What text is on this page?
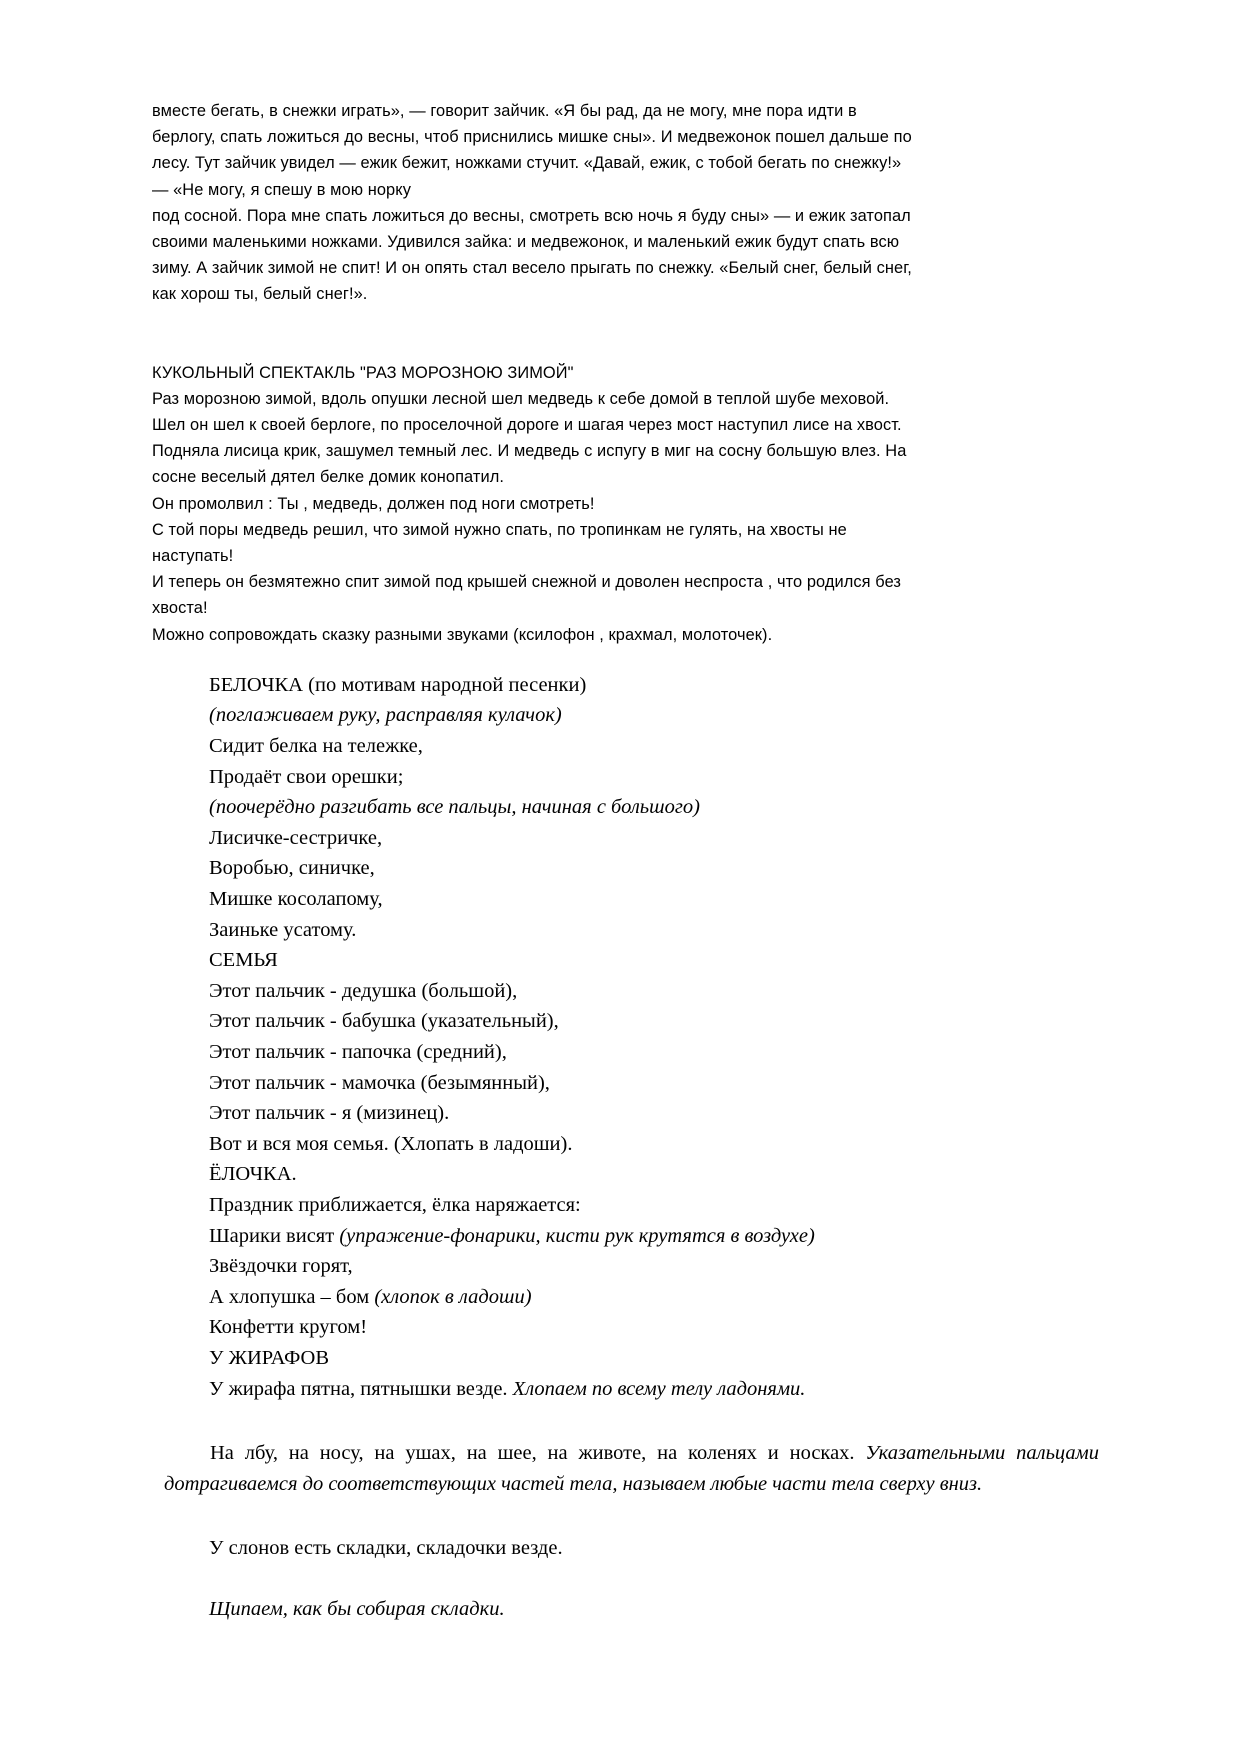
вместе бегать, в снежки играть», — говорит зайчик. «Я бы рад, да не могу, мне пора идти в

берлогу, спать ложиться до весны, чтоб приснились мишке сны». И медвежонок пошел дальше по

лесу. Тут зайчик увидел — ежик бежит, ножками стучит. «Давай, ежик, с тобой бегать по снежку!»

— «Не могу, я спешу в мою норку

под сосной. Пора мне спать ложиться до весны, смотреть всю ночь я буду сны» — и ежик затопал

своими маленькими ножками. Удивился зайка: и медвежонок, и маленький ежик будут спать всю

зиму. А зайчик зимой не спит! И он опять стал весело прыгать по снежку. «Белый снег, белый снег,

как хорош ты, белый снег!».

КУКОЛЬНЫЙ СПЕКТАКЛЬ "РАЗ МОРОЗНОЮ ЗИМОЙ"

Раз морозною зимой, вдоль опушки лесной шел медведь к себе домой в теплой шубе меховой.

Шел он шел к своей берлоге, по проселочной дороге и шагая через мост наступил лисе на хвост.

Подняла лисица крик, зашумел темный лес. И медведь с испугу в миг на сосну большую влез. На

сосне веселый дятел белке домик конопатил.

Он промолвил : Ты , медведь, должен под ноги смотреть!

С той поры медведь решил, что зимой нужно спать, по тропинкам не гулять, на хвосты не

наступать!

И теперь он безмятежно спит зимой под крышей снежной и доволен неспроста , что родился без

хвоста!

Можно сопровождать сказку разными звуками (ксилофон , крахмал, молоточек).

БЕЛОЧКА (по мотивам народной песенки)
(поглаживаем руку, расправляя кулачок)
Сидит белка на тележке,
Продаёт свои орешки;
(поочерёдно разгибать все пальцы, начиная с большого)
Лисичке-сестричке,
Воробью, синичке,
Мишке косолапому,
Заиньке усатому.
СЕМЬЯ
Этот пальчик - дедушка (большой),
Этот пальчик - бабушка (указательный),
Этот пальчик - папочка (средний),
Этот пальчик - мамочка (безымянный),
Этот пальчик - я (мизинец).
Вот и вся моя семья. (Хлопать в ладоши).
ЁЛОЧКА.
Праздник приближается, ёлка наряжается:
Шарики висят (упражение-фонарики, кисти рук крутятся в воздухе)
Звёздочки горят,
А хлопушка – бом (хлопок в ладоши)
Конфетти кругом!
У ЖИРАФОВ
У жирафа пятна, пятнышки везде. Хлопаем по всему телу ладонями.
На лбу, на носу, на ушах, на шее, на животе, на коленях и носках. Указательными пальцами дотрагиваемся до соответствующих частей тела, называем любые части тела сверху вниз.
У слонов есть складки, складочки везде.
Щипаем, как бы собирая складки.
